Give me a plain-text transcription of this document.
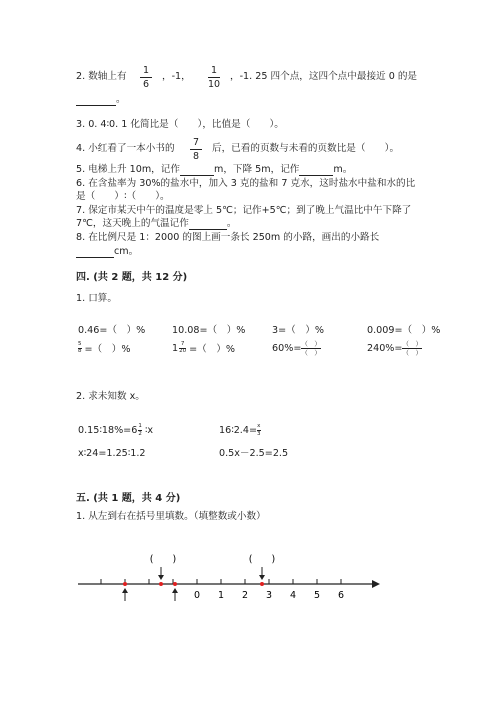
2. 数轴上有
1
6
，-1，
1
10
，-1. 25 四个点，这四个点中最接近 0 的是
。
3. 0. 4∶0. 1 化简比是（　　），比值是（　　）。
4. 小红看了一本小书的
7
8
后，已看的页数与未看的页数比是（　　）。
5. 电梯上升 10m，记作	m，下降 5m，记作	m。
6. 在含盐率为 30%的盐水中，加入 3 克的盐和 7 克水，这时盐水中盐和水的比
是（　　）∶（　　）。
7. 保定市某天中午的温度是零上 5℃；记作+5℃；到了晚上气温比中午下降了
7℃，这天晚上的气温记作	。
8. 在比例尺是 1：2000 的图上画一条长 250m 的小路，画出的小路长
cm。
四. (共 2 题，共 12 分)
1. 口算。
0.46=（　）%	10.08=（　）%	3=（　）%	0.009=（　）%
$\frac{5}{8}$ =（　）%	$1 \frac{7}{20}$ =（　）%	$60\%= \frac{( )}{( )}$	$240\%= \frac{( )}{( )}$
2. 求未知数 x。
0.15∶18%=6 $\frac{1}{2}$ ∶x	16∶2.4= $\frac{x}{3}$
x∶24=1.25∶1.2	0.5x－2.5=2.5
五. (共 1 题，共 4 分)
1. 从左到右在括号里填数。（填整数或小数）
0 1 2 3 4 5 6
(　　)	(　　)
